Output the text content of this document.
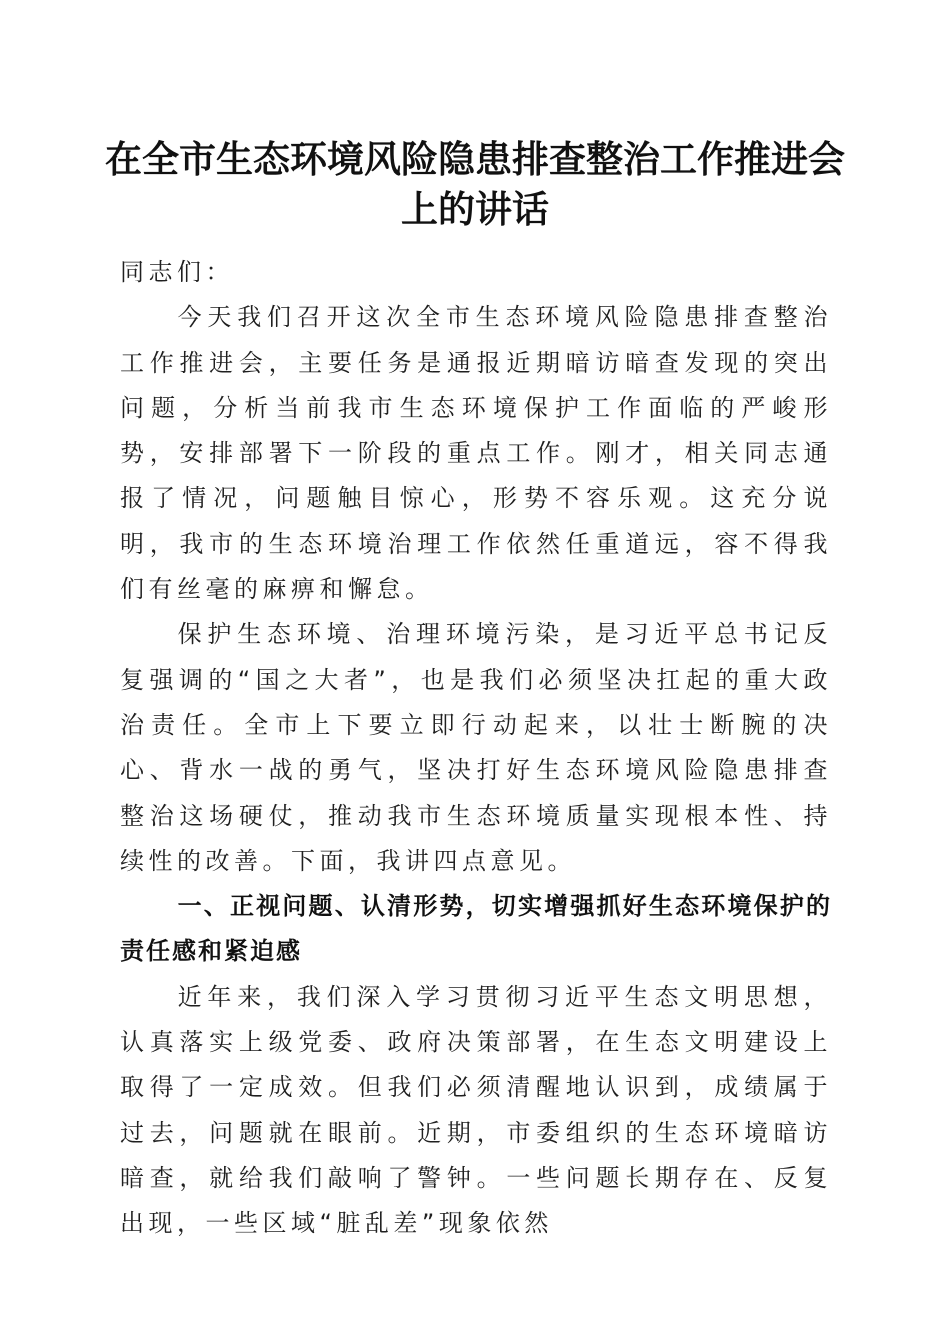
在全市生态环境风险隐患排查整治工作推进会
上的讲话

同志们：

今天我们召开这次全市生态环境风险隐患排查整治工作推进会，主要任务是通报近期暗访暗查发现的突出问题，分析当前我市生态环境保护工作面临的严峻形势，安排部署下一阶段的重点工作。刚才，相关同志通报了情况，问题触目惊心，形势不容乐观。这充分说明，我市的生态环境治理工作依然任重道远，容不得我们有丝毫的麻痹和懈怠。

保护生态环境、治理环境污染，是习近平总书记反复强调的“国之大者”，也是我们必须坚决扛起的重大政治责任。全市上下要立即行动起来，以壮士断腕的决心、背水一战的勇气，坚决打好生态环境风险隐患排查整治这场硬仗，推动我市生态环境质量实现根本性、持续性的改善。下面，我讲四点意见。

一、正视问题、认清形势，切实增强抓好生态环境保护的责任感和紧迫感

近年来，我们深入学习贯彻习近平生态文明思想，认真落实上级党委、政府决策部署，在生态文明建设上取得了一定成效。但我们必须清醒地认识到，成绩属于过去，问题就在眼前。近期，市委组织的生态环境暗访暗查，就给我们敲响了警钟。一些问题长期存在、反复出现，一些区域“脏乱差”现象依然
